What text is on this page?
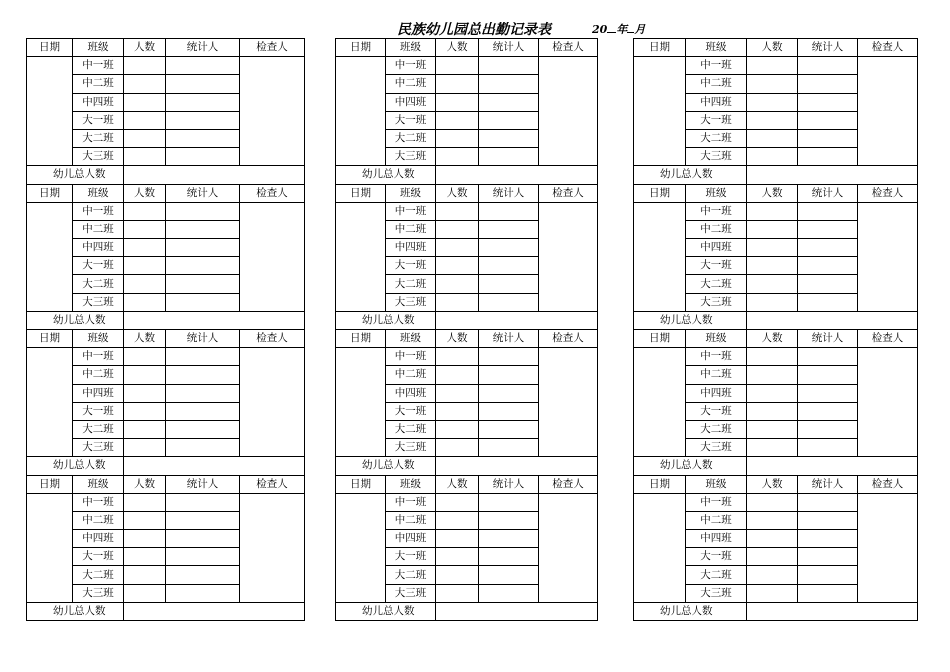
民族幼儿园总出勤记录表	20 年 月
日期	班级	人数	统计人	检查人		日期	班级	人数	统计人	检查人		日期	班级	人数	统计人	检查人
	中一班						中一班						中一班			
	中二班						中二班						中二班			
	中四班						中四班						中四班			
	大一班						大一班						大一班			
	大二班						大二班						大二班			
	大三班						大三班						大三班			
幼儿总人数						幼儿总人数						幼儿总人数				
日期	班级	人数	统计人	检查人		日期	班级	人数	统计人	检查人		日期	班级	人数	统计人	检查人
	中一班						中一班						中一班			
	中二班						中二班						中二班			
	中四班						中四班						中四班			
	大一班						大一班						大一班			
	大二班						大二班						大二班			
	大三班						大三班						大三班			
幼儿总人数						幼儿总人数						幼儿总人数				
日期	班级	人数	统计人	检查人		日期	班级	人数	统计人	检查人		日期	班级	人数	统计人	检查人
	中一班						中一班						中一班			
	中二班						中二班						中二班			
	中四班						中四班						中四班			
	大一班						大一班						大一班			
	大二班						大二班						大二班			
	大三班						大三班						大三班			
幼儿总人数						幼儿总人数						幼儿总人数				
日期	班级	人数	统计人	检查人		日期	班级	人数	统计人	检查人		日期	班级	人数	统计人	检查人
	中一班						中一班						中一班			
	中二班						中二班						中二班			
	中四班						中四班						中四班			
	大一班						大一班						大一班			
	大二班						大二班						大二班			
	大三班						大三班						大三班			
幼儿总人数						幼儿总人数						幼儿总人数				
